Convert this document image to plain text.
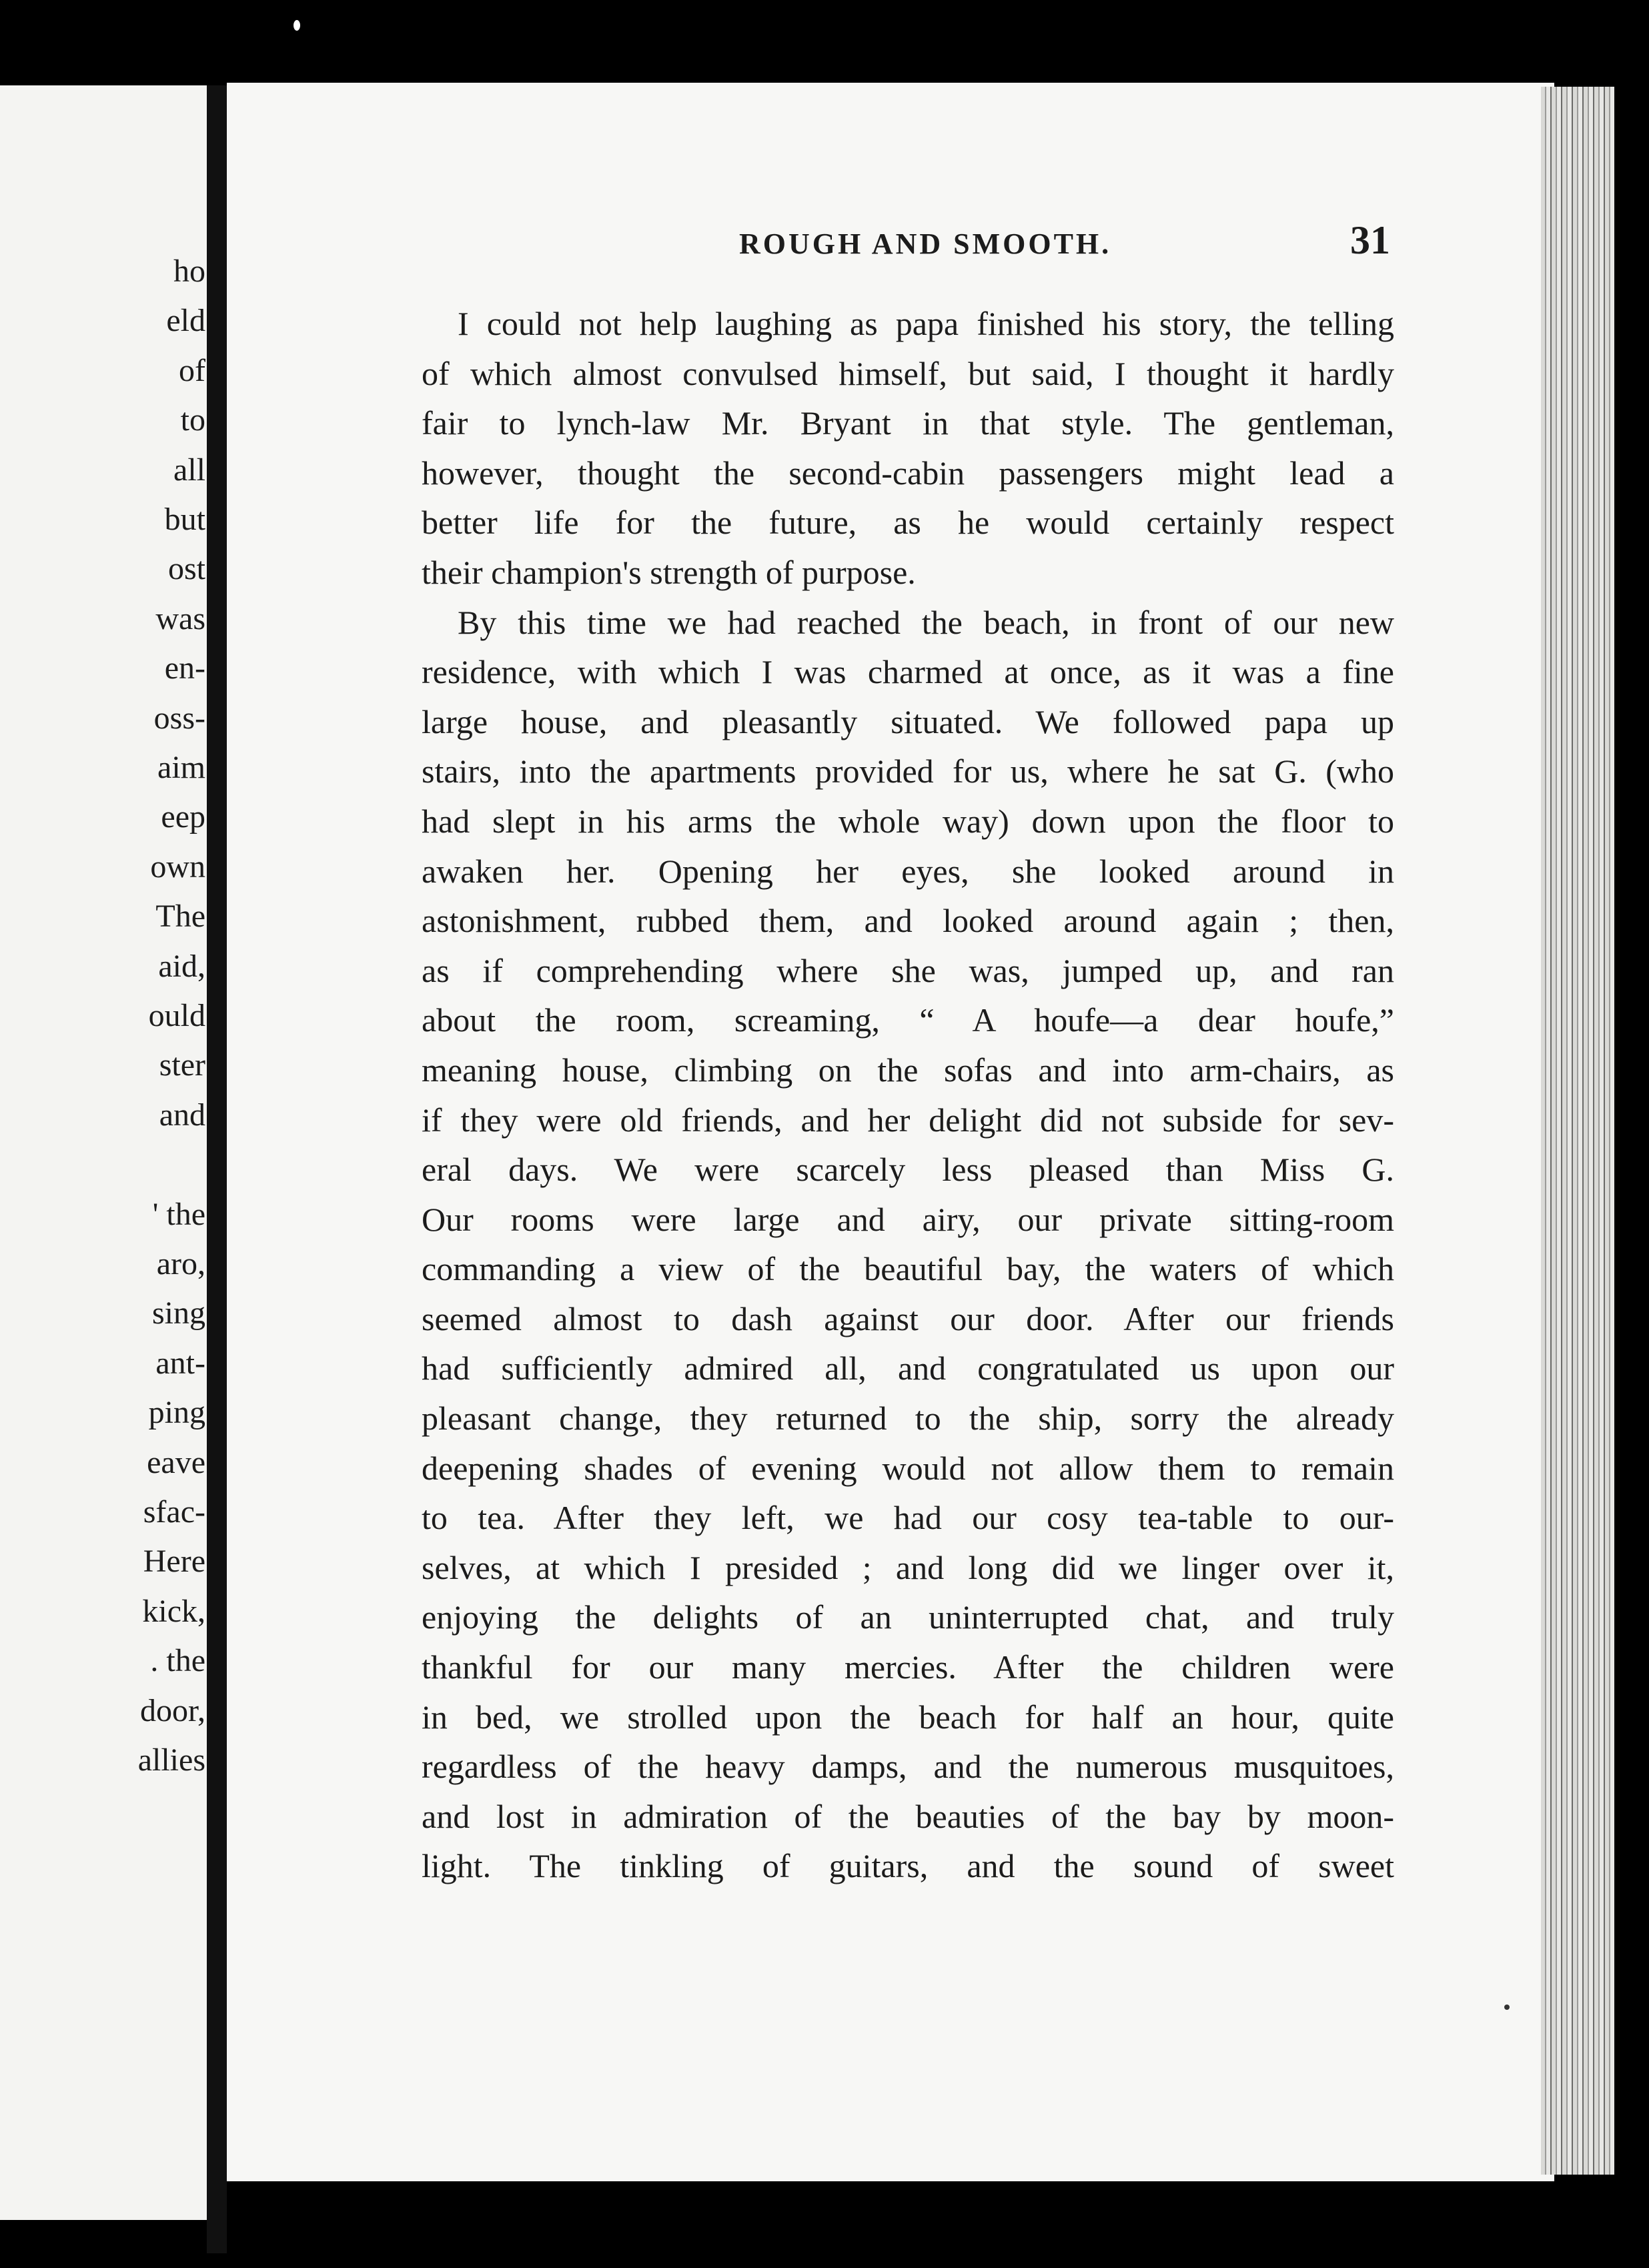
ho
eld
of
to
all
but
ost
was
en-
oss-
aim
eep
own
The
aid,
ould
ster
and
' the
aro,
sing
ant-
ping
eave
sfac-
Here
kick,
. the
door,
allies
ROUGH AND SMOOTH.	31
I could not help laughing as papa finished his story, the telling
of which almost convulsed himself, but said, I thought it hardly
fair to lynch-law Mr. Bryant in that style. The gentleman,
however, thought the second-cabin passengers might lead a
better life for the future, as he would certainly respect
their champion's strength of purpose.
By this time we had reached the beach, in front of our new
residence, with which I was charmed at once, as it was a fine
large house, and pleasantly situated. We followed papa up
stairs, into the apartments provided for us, where he sat G. (who
had slept in his arms the whole way) down upon the floor to
awaken her. Opening her eyes, she looked around in
astonishment, rubbed them, and looked around again ; then,
as if comprehending where she was, jumped up, and ran
about the room, screaming, “ A houfe—a dear houfe,”
meaning house, climbing on the sofas and into arm-chairs, as
if they were old friends, and her delight did not subside for sev-
eral days. We were scarcely less pleased than Miss G.
Our rooms were large and airy, our private sitting-room
commanding a view of the beautiful bay, the waters of which
seemed almost to dash against our door. After our friends
had sufficiently admired all, and congratulated us upon our
pleasant change, they returned to the ship, sorry the already
deepening shades of evening would not allow them to remain
to tea. After they left, we had our cosy tea-table to our-
selves, at which I presided ; and long did we linger over it,
enjoying the delights of an uninterrupted chat, and truly
thankful for our many mercies. After the children were
in bed, we strolled upon the beach for half an hour, quite
regardless of the heavy damps, and the numerous musquitoes,
and lost in admiration of the beauties of the bay by moon-
light. The tinkling of guitars, and the sound of sweet
